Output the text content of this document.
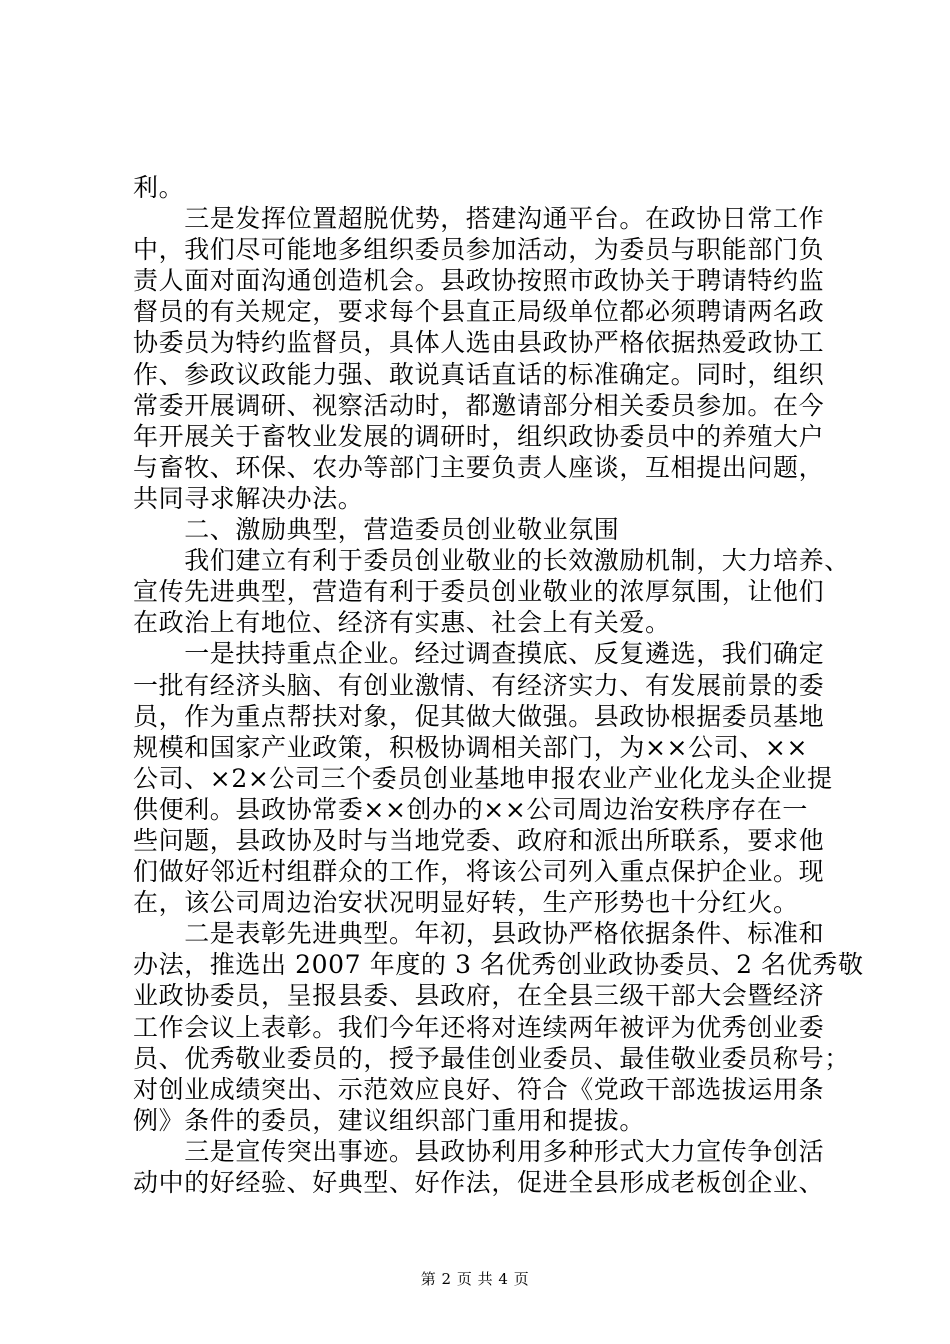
利。
　　三是发挥位置超脱优势，搭建沟通平台。在政协日常工作
中，我们尽可能地多组织委员参加活动，为委员与职能部门负
责人面对面沟通创造机会。县政协按照市政协关于聘请特约监
督员的有关规定，要求每个县直正局级单位都必须聘请两名政
协委员为特约监督员，具体人选由县政协严格依据热爱政协工
作、参政议政能力强、敢说真话直话的标准确定。同时，组织
常委开展调研、视察活动时，都邀请部分相关委员参加。在今
年开展关于畜牧业发展的调研时，组织政协委员中的养殖大户
与畜牧、环保、农办等部门主要负责人座谈，互相提出问题，
共同寻求解决办法。
　　二、激励典型，营造委员创业敬业氛围
　　我们建立有利于委员创业敬业的长效激励机制，大力培养、
宣传先进典型，营造有利于委员创业敬业的浓厚氛围，让他们
在政治上有地位、经济有实惠、社会上有关爱。
　　一是扶持重点企业。经过调查摸底、反复遴选，我们确定
一批有经济头脑、有创业激情、有经济实力、有发展前景的委
员，作为重点帮扶对象，促其做大做强。县政协根据委员基地
规模和国家产业政策，积极协调相关部门，为××公司、××
公司、×2×公司三个委员创业基地申报农业产业化龙头企业提
供便利。县政协常委××创办的××公司周边治安秩序存在一
些问题，县政协及时与当地党委、政府和派出所联系，要求他
们做好邻近村组群众的工作，将该公司列入重点保护企业。现
在，该公司周边治安状况明显好转，生产形势也十分红火。
　　二是表彰先进典型。年初，县政协严格依据条件、标准和
办法，推选出 2007 年度的 3 名优秀创业政协委员、2 名优秀敬
业政协委员，呈报县委、县政府，在全县三级干部大会暨经济
工作会议上表彰。我们今年还将对连续两年被评为优秀创业委
员、优秀敬业委员的，授予最佳创业委员、最佳敬业委员称号；
对创业成绩突出、示范效应良好、符合《党政干部选拔运用条
例》条件的委员，建议组织部门重用和提拔。
　　三是宣传突出事迹。县政协利用多种形式大力宣传争创活
动中的好经验、好典型、好作法，促进全县形成老板创企业、
第 2 页 共 4 页
